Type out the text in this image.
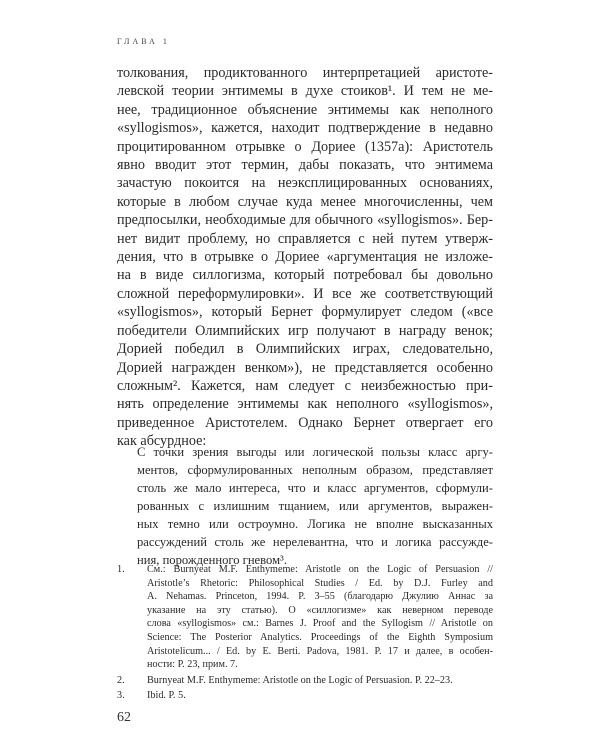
ГЛАВА 1
толкования, продиктованного интерпретацией аристоте-
левской теории энтимемы в духе стоиков¹. И тем не ме-
нее, традиционное объяснение энтимемы как неполного
«syllogismos», кажется, находит подтверждение в недавно
процитированном отрывке о Дориее (1357a): Аристотель
явно вводит этот термин, дабы показать, что энтимема
зачастую покоится на неэксплицированных основаниях,
которые в любом случае куда менее многочисленны, чем
предпосылки, необходимые для обычного «syllogismos». Бер-
нет видит проблему, но справляется с ней путем утверж-
дения, что в отрывке о Дориее «аргументация не изложе-
на в виде силлогизма, который потребовал бы довольно
сложной переформулировки». И все же соответствующий
«syllogismos», который Бернет формулирует следом («все
победители Олимпийских игр получают в награду венок;
Дорией победил в Олимпийских играх, следовательно,
Дорией награжден венком»), не представляется особенно
сложным². Кажется, нам следует с неизбежностью при-
нять определение энтимемы как неполного «syllogismos»,
приведенное Аристотелем. Однако Бернет отвергает его
как абсурдное:
С точки зрения выгоды или логической пользы класс аргу-
ментов, сформулированных неполным образом, представляет
столь же мало интереса, что и класс аргументов, сформули-
рованных с излишним тщанием, или аргументов, выражен-
ных темно или остроумно. Логика не вполне высказанных
рассуждений столь же нерелевантна, что и логика рассужде-
ния, порожденного гневом³.
1. См.: Burnyeat M.F. Enthymeme: Aristotle on the Logic of Persuasion //
Aristotle’s Rhetoric: Philosophical Studies / Ed. by D.J. Furley and
A. Nehamas. Princeton, 1994. P. 3–55 (благодарю Джулию Аннас за
указание на эту статью). О «силлогизме» как неверном переводе
слова «syllogismos» см.: Barnes J. Proof and the Syllogism // Aristotle on
Science: The Posterior Analytics. Proceedings of the Eighth Symposium
Aristotelicum... / Ed. by E. Berti. Padova, 1981. P. 17 и далее, в особен-
ности: P. 23, прим. 7.
2. Burnyeat M.F. Enthymeme: Aristotle on the Logic of Persuasion. P. 22–23.
3. Ibid. P. 5.
62
